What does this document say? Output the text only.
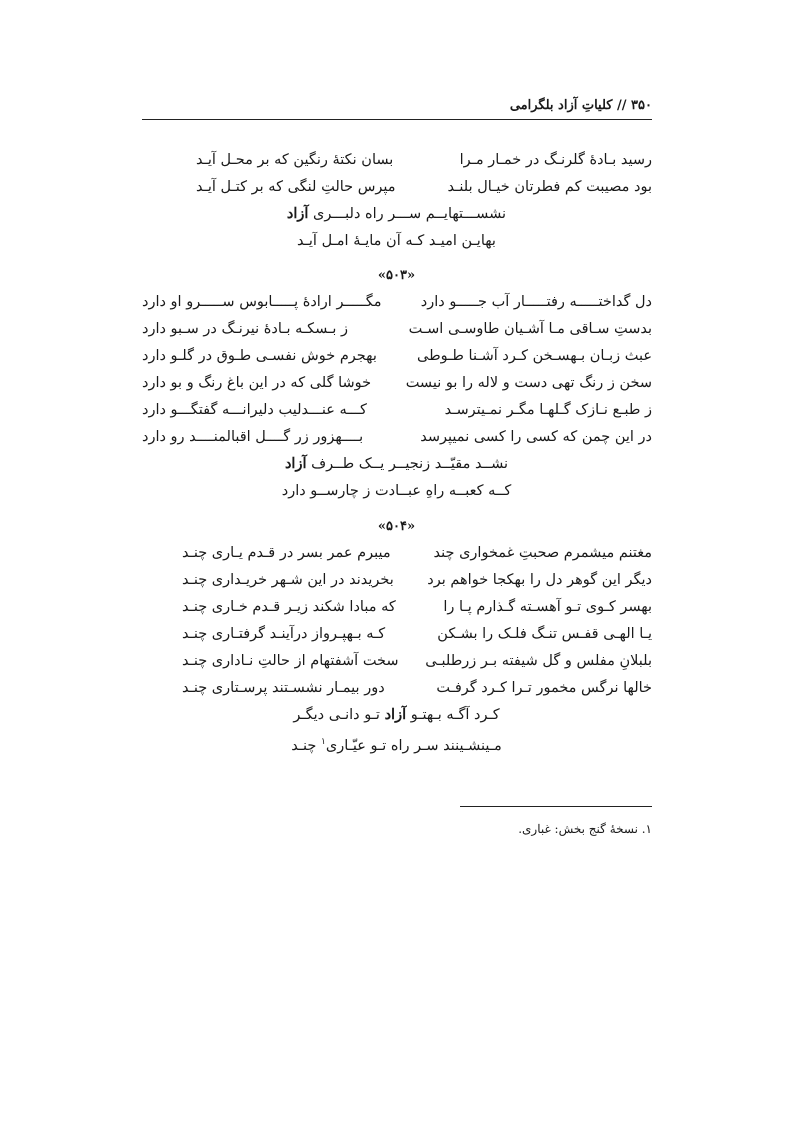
۳۵۰ // کلیاتِ آزاد بلگرامی
رسید بـادۀ گلرنـگ در خمـار مـرا
بسان نکتۀ رنگین که بر محـل آیـد
بود مصیبت کم فطرتان خیـال بلنـد
مپرس حالتِ لنگی که بر کتـل آیـد
نشســـتهایــم ســـر راه دلبـــری آزاد
بهایـن امیـد کـه آن مایـۀ امـل آیـد
«۵۰۳»
دل گداختـــــه رفتـــــار آب جـــــو دارد
مگـــــر ارادۀ پـــــابوس ســـــرو او دارد
بدستِ سـاقی مـا آشـیان طاوسـی اسـت
ز بـسکـه بـادۀ نیرنـگ در سـبو دارد
عبث زبـان بـهسـخن کـرد آشـنا طـوطی
بهجرم خوش نفسـی طـوق در گلـو دارد
سخن ز رنگ تهی دست و لاله را بو نیست
خوشا گلی که در این باغ رنگ و بو دارد
ز طبـع نـازک گـلهـا مگـر نمـیترسـد
کـــه عنـــدلیب دلیرانـــه گفتگـــو دارد
در این چمن که کسی را کسی نمیپرسد
بــــهزور زر گــــل اقبالمنــــد رو دارد
نشــد مقیّــد زنجیــر یــک طــرف آزاد
کــه کعبــه راهِ عبــادت ز چارســو دارد
«۵۰۴»
مغتنم میشمرم صحبتِ غمخواری چند
میبرم عمر بسر در قـدم یـاری چنـد
دیگر این گوهر دل را بهکجا خواهم برد
بخریدند در این شـهر خریـداری چنـد
بهسر کـوی تـو آهسـته گـذارم پـا را
که مبادا شکند زیـر قـدم خـاری چنـد
یـا الهـی قفـس تنـگ فلـک را بشـکن
کـه بـهپـرواز درآینـد گرفتـاری چنـد
بلبلانِ مفلس و گل شیفته بـر زرطلبـی
سخت آشفتهام از حالتِ نـاداری چنـد
خالها نرگس مخمور تـرا کـرد گرفـت
دور بیمـار نشسـتند پرسـتاری چنـد
کـرد آگـه بـهتـو آزاد تـو دانـی دیگـر
مـینشـینند سـر راه تـو عیّـاری$^۱$ چنـد
۱. نسخۀ گنج بخش: غباری.
